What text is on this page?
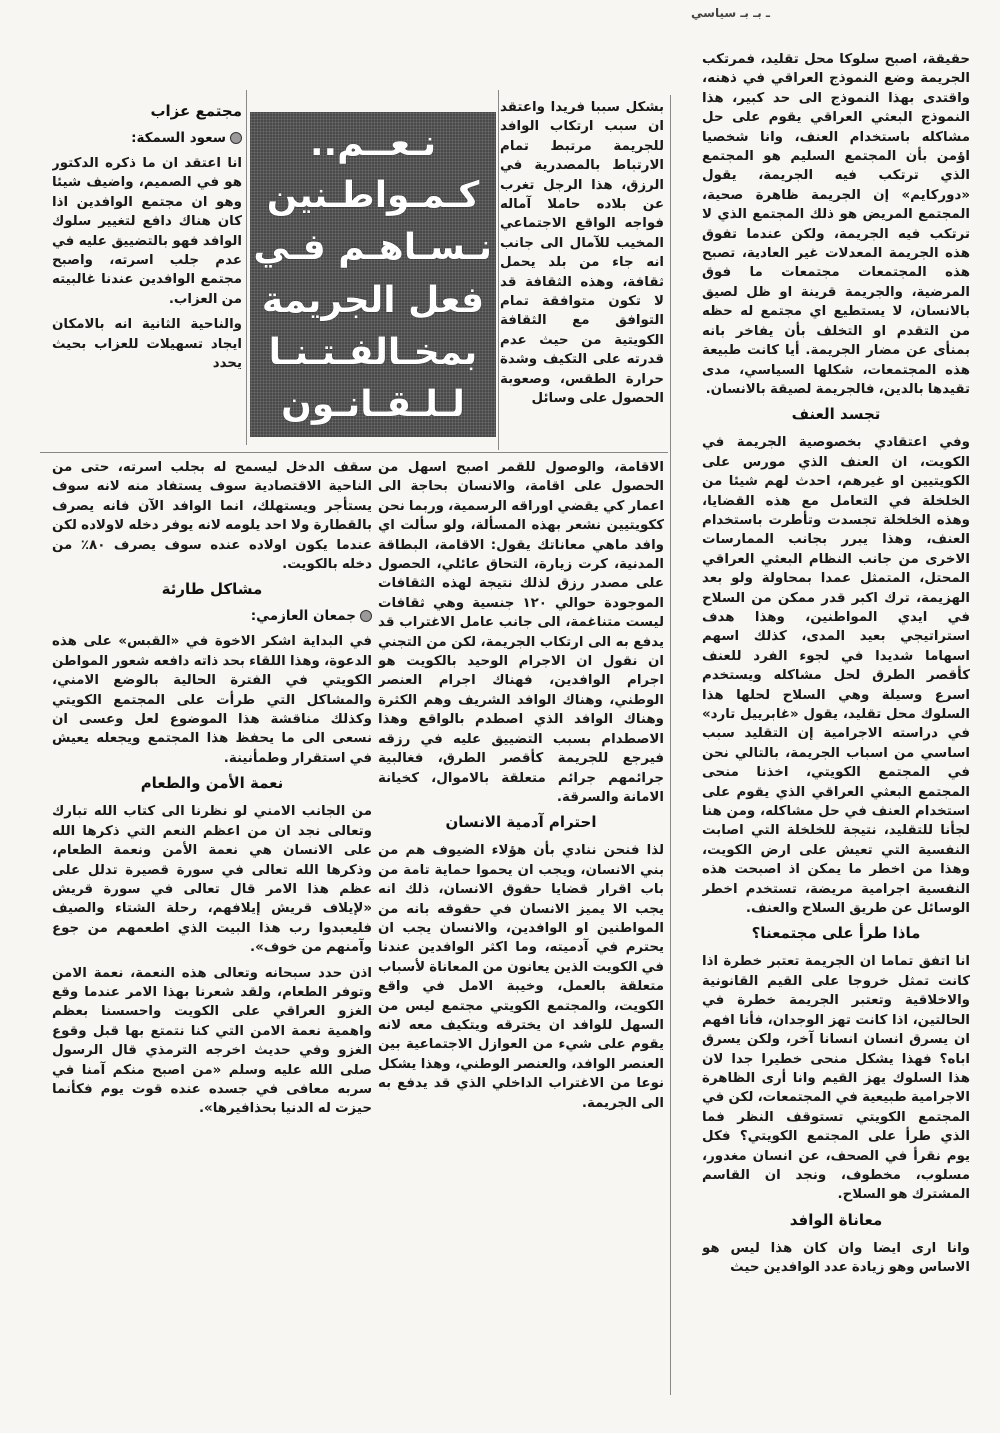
ـ بـ بـ سياسي

حقيقة، اصبح سلوكا محل تقليد، فمرتكب الجريمة وضع النموذج العراقي في ذهنه، واقتدى بهذا النموذج الى حد كبير، هذا النموذج البعثي العراقي يقوم على حل مشاكله باستخدام العنف، وانا شخصيا اؤمن بأن المجتمع السليم هو المجتمع الذي ترتكب فيه الجريمة، يقول «دوركايم» إن الجريمة ظاهرة صحية، المجتمع المريض هو ذلك المجتمع الذي لا ترتكب فيه الجريمة، ولكن عندما تفوق هذه الجريمة المعدلات غير العادية، تصبح هذه المجتمعات مجتمعات ما فوق المرضية، والجريمة قرينة او ظل لصيق بالانسان، لا يستطيع اي مجتمع له حظه من التقدم او التخلف بأن يفاخر بانه بمنأى عن مضار الجريمة. أيا كانت طبيعة هذه المجتمعات، شكلها السياسي، مدى تقيدها بالدين، فالجريمة لصيقة بالانسان.

تجسد العنف

وفي اعتقادي بخصوصية الجريمة في الكويت، ان العنف الذي مورس على الكويتيين او غيرهم، احدث لهم شيئا من الخلخلة في التعامل مع هذه القضايا، وهذه الخلخلة تجسدت وتأطرت باستخدام العنف، وهذا يبرر بجانب الممارسات الاخرى من جانب النظام البعثي العراقي المحتل، المتمثل عمدا بمحاولة ولو بعد الهزيمة، ترك اكبر قدر ممكن من السلاح في ايدي المواطنين، وهذا هدف استراتيجي بعيد المدى، كذلك اسهم اسهاما شديدا في لجوء الفرد للعنف كأقصر الطرق لحل مشاكله ويستخدم اسرع وسيلة وهي السلاح لحلها هذا السلوك محل تقليد، يقول «غابرييل تارد» في دراسته الاجرامية إن التقليد سبب اساسي من اسباب الجريمة، بالتالي نحن في المجتمع الكويتي، اخذنا منحى المجتمع البعثي العراقي الذي يقوم على استخدام العنف في حل مشاكله، ومن هنا لجأنا للتقليد، نتيجة للخلخلة التي اصابت النفسية التي تعيش على ارض الكويت، وهذا من اخطر ما يمكن اذ اصبحت هذه النفسية اجرامية مريضة، تستخدم اخطر الوسائل عن طريق السلاح والعنف.

ماذا طرأ على مجتمعنا؟

انا اتفق تماما ان الجريمة تعتبر خطرة اذا كانت تمثل خروجا على القيم القانونية والاخلاقية وتعتبر الجريمة خطرة في الحالتين، اذا كانت تهز الوجدان، فأنا افهم ان يسرق انسان انسانا آخر، ولكن يسرق اباه؟ فهذا يشكل منحى خطيرا جدا لان هذا السلوك يهز القيم وانا أرى الظاهرة الاجرامية طبيعية في المجتمعات، لكن في المجتمع الكويتي تستوقف النظر فما الذي طرأ على المجتمع الكويتي؟ فكل يوم نقرأ في الصحف، عن انسان مغدور، مسلوب، مخطوف، ونجد ان القاسم المشترك هو السلاح.

معاناة الوافد

وانا ارى ايضا وان كان هذا ليس هو الاساس وهو زيادة عدد الوافدين حيث

بشكل سببا فريدا واعتقد ان سبب ارتكاب الوافد للجريمة مرتبط تمام الارتباط بالمصدرية في الرزق، هذا الرجل تغرب عن بلاده حاملا آماله فواجه الواقع الاجتماعي المخيب للآمال الى جانب انه جاء من بلد يحمل ثقافة، وهذه الثقافة قد لا تكون متوافقة تمام التوافق مع الثقافة الكويتية من حيث عدم قدرته على التكيف وشدة حرارة الطقس، وصعوبة الحصول على وسائل

نـعــم..
كـمـواطـنين
نـسـاهـم فـي
فعل الجريمة
بمخـالفـتـنـا
لـلـقـانـون
مجتمع عزاب
سعود السمكة:

انا اعتقد ان ما ذكره الدكتور هو في الصميم، واضيف شيئا وهو ان مجتمع الوافدين اذا كان هناك دافع لتغيير سلوك الوافد فهو بالتضييق عليه في عدم جلب اسرته، واصبح مجتمع الوافدين عندنا غالبيته من العزاب.

والناحية الثانية انه بالامكان ايجاد تسهيلات للعزاب بحيث يحدد

الاقامة، والوصول للقمر اصبح اسهل من الحصول على اقامة، والانسان بحاجة الى اعمار كي يقضي اوراقه الرسمية، وربما نحن ككويتيين نشعر بهذه المسألة، ولو سألت اي وافد ماهي معاناتك يقول: الاقامة، البطاقة المدنية، كرت زيارة، التحاق عائلي، الحصول على مصدر رزق لذلك نتيجة لهذه الثقافات الموجودة حوالي ١٢٠ جنسية وهي ثقافات ليست متناغمة، الى جانب عامل الاغتراب قد يدفع به الى ارتكاب الجريمة، لكن من التجني ان نقول ان الاجرام الوحيد بالكويت هو اجرام الوافدين، فهناك اجرام العنصر الوطني، وهناك الوافد الشريف وهم الكثرة وهناك الوافد الذي اصطدم بالواقع وهذا الاصطدام بسبب التضييق عليه في رزقه فيرجع للجريمة كأقصر الطرق، فغالبية جرائمهم جرائم متعلقة بالاموال، كخيانة الامانة والسرقة.

احترام آدمية الانسان

لذا فنحن ننادي بأن هؤلاء الضيوف هم من بني الانسان، ويجب ان يحموا حماية تامة من باب اقرار قضايا حقوق الانسان، ذلك انه يجب الا يميز الانسان في حقوقه بانه من المواطنين او الوافدين، والانسان يجب ان يحترم في آدميته، وما اكثر الوافدين عندنا في الكويت الذين يعانون من المعاناة لأسباب متعلقة بالعمل، وخيبة الامل في واقع الكويت، والمجتمع الكويتي مجتمع ليس من السهل للوافد ان يخترقه ويتكيف معه لانه يقوم على شيء من العوازل الاجتماعية بين العنصر الوافد، والعنصر الوطني، وهذا يشكل نوعا من الاغتراب الداخلي الذي قد يدفع به الى الجريمة.

سقف الدخل ليسمح له بجلب اسرته، حتى من الناحية الاقتصادية سوف يستفاد منه لانه سوف يستأجر ويستهلك، انما الوافد الآن فانه يصرف بالقطارة ولا احد يلومه لانه يوفر دخله لاولاده لكن عندما يكون اولاده عنده سوف يصرف ٨٠٪ من دخله بالكويت.

مشاكل طارئة
جمعان العازمي:

في البداية اشكر الاخوة في «القبس» على هذه الدعوة، وهذا اللقاء بحد ذاته دافعه شعور المواطن الكويتي في الفترة الحالية بالوضع الامني، والمشاكل التي طرأت على المجتمع الكويتي وكذلك مناقشة هذا الموضوع لعل وعسى ان نسعى الى ما يحفظ هذا المجتمع ويجعله يعيش في استقرار وطمأنينة.

نعمة الأمن والطعام

من الجانب الامني لو نظرنا الى كتاب الله تبارك وتعالى نجد ان من اعظم النعم التي ذكرها الله على الانسان هي نعمة الأمن ونعمة الطعام، وذكرها الله تعالى في سورة قصيرة تدلل على عظم هذا الامر قال تعالى في سورة قريش «لإيلاف قريش إيلافهم، رحلة الشتاء والصيف فليعبدوا رب هذا البيت الذي اطعمهم من جوع وآمنهم من خوف».

اذن حدد سبحانه وتعالى هذه النعمة، نعمة الامن وتوفر الطعام، ولقد شعرنا بهذا الامر عندما وقع الغزو العراقي على الكويت واحسسنا بعظم واهمية نعمة الامن التي كنا نتمتع بها قبل وقوع الغزو وفي حديث اخرجه الترمذي قال الرسول صلى الله عليه وسلم «من اصبح منكم آمنا في سربه معافى في جسده عنده قوت يوم فكأنما حيزت له الدنيا بحذافيرها».
